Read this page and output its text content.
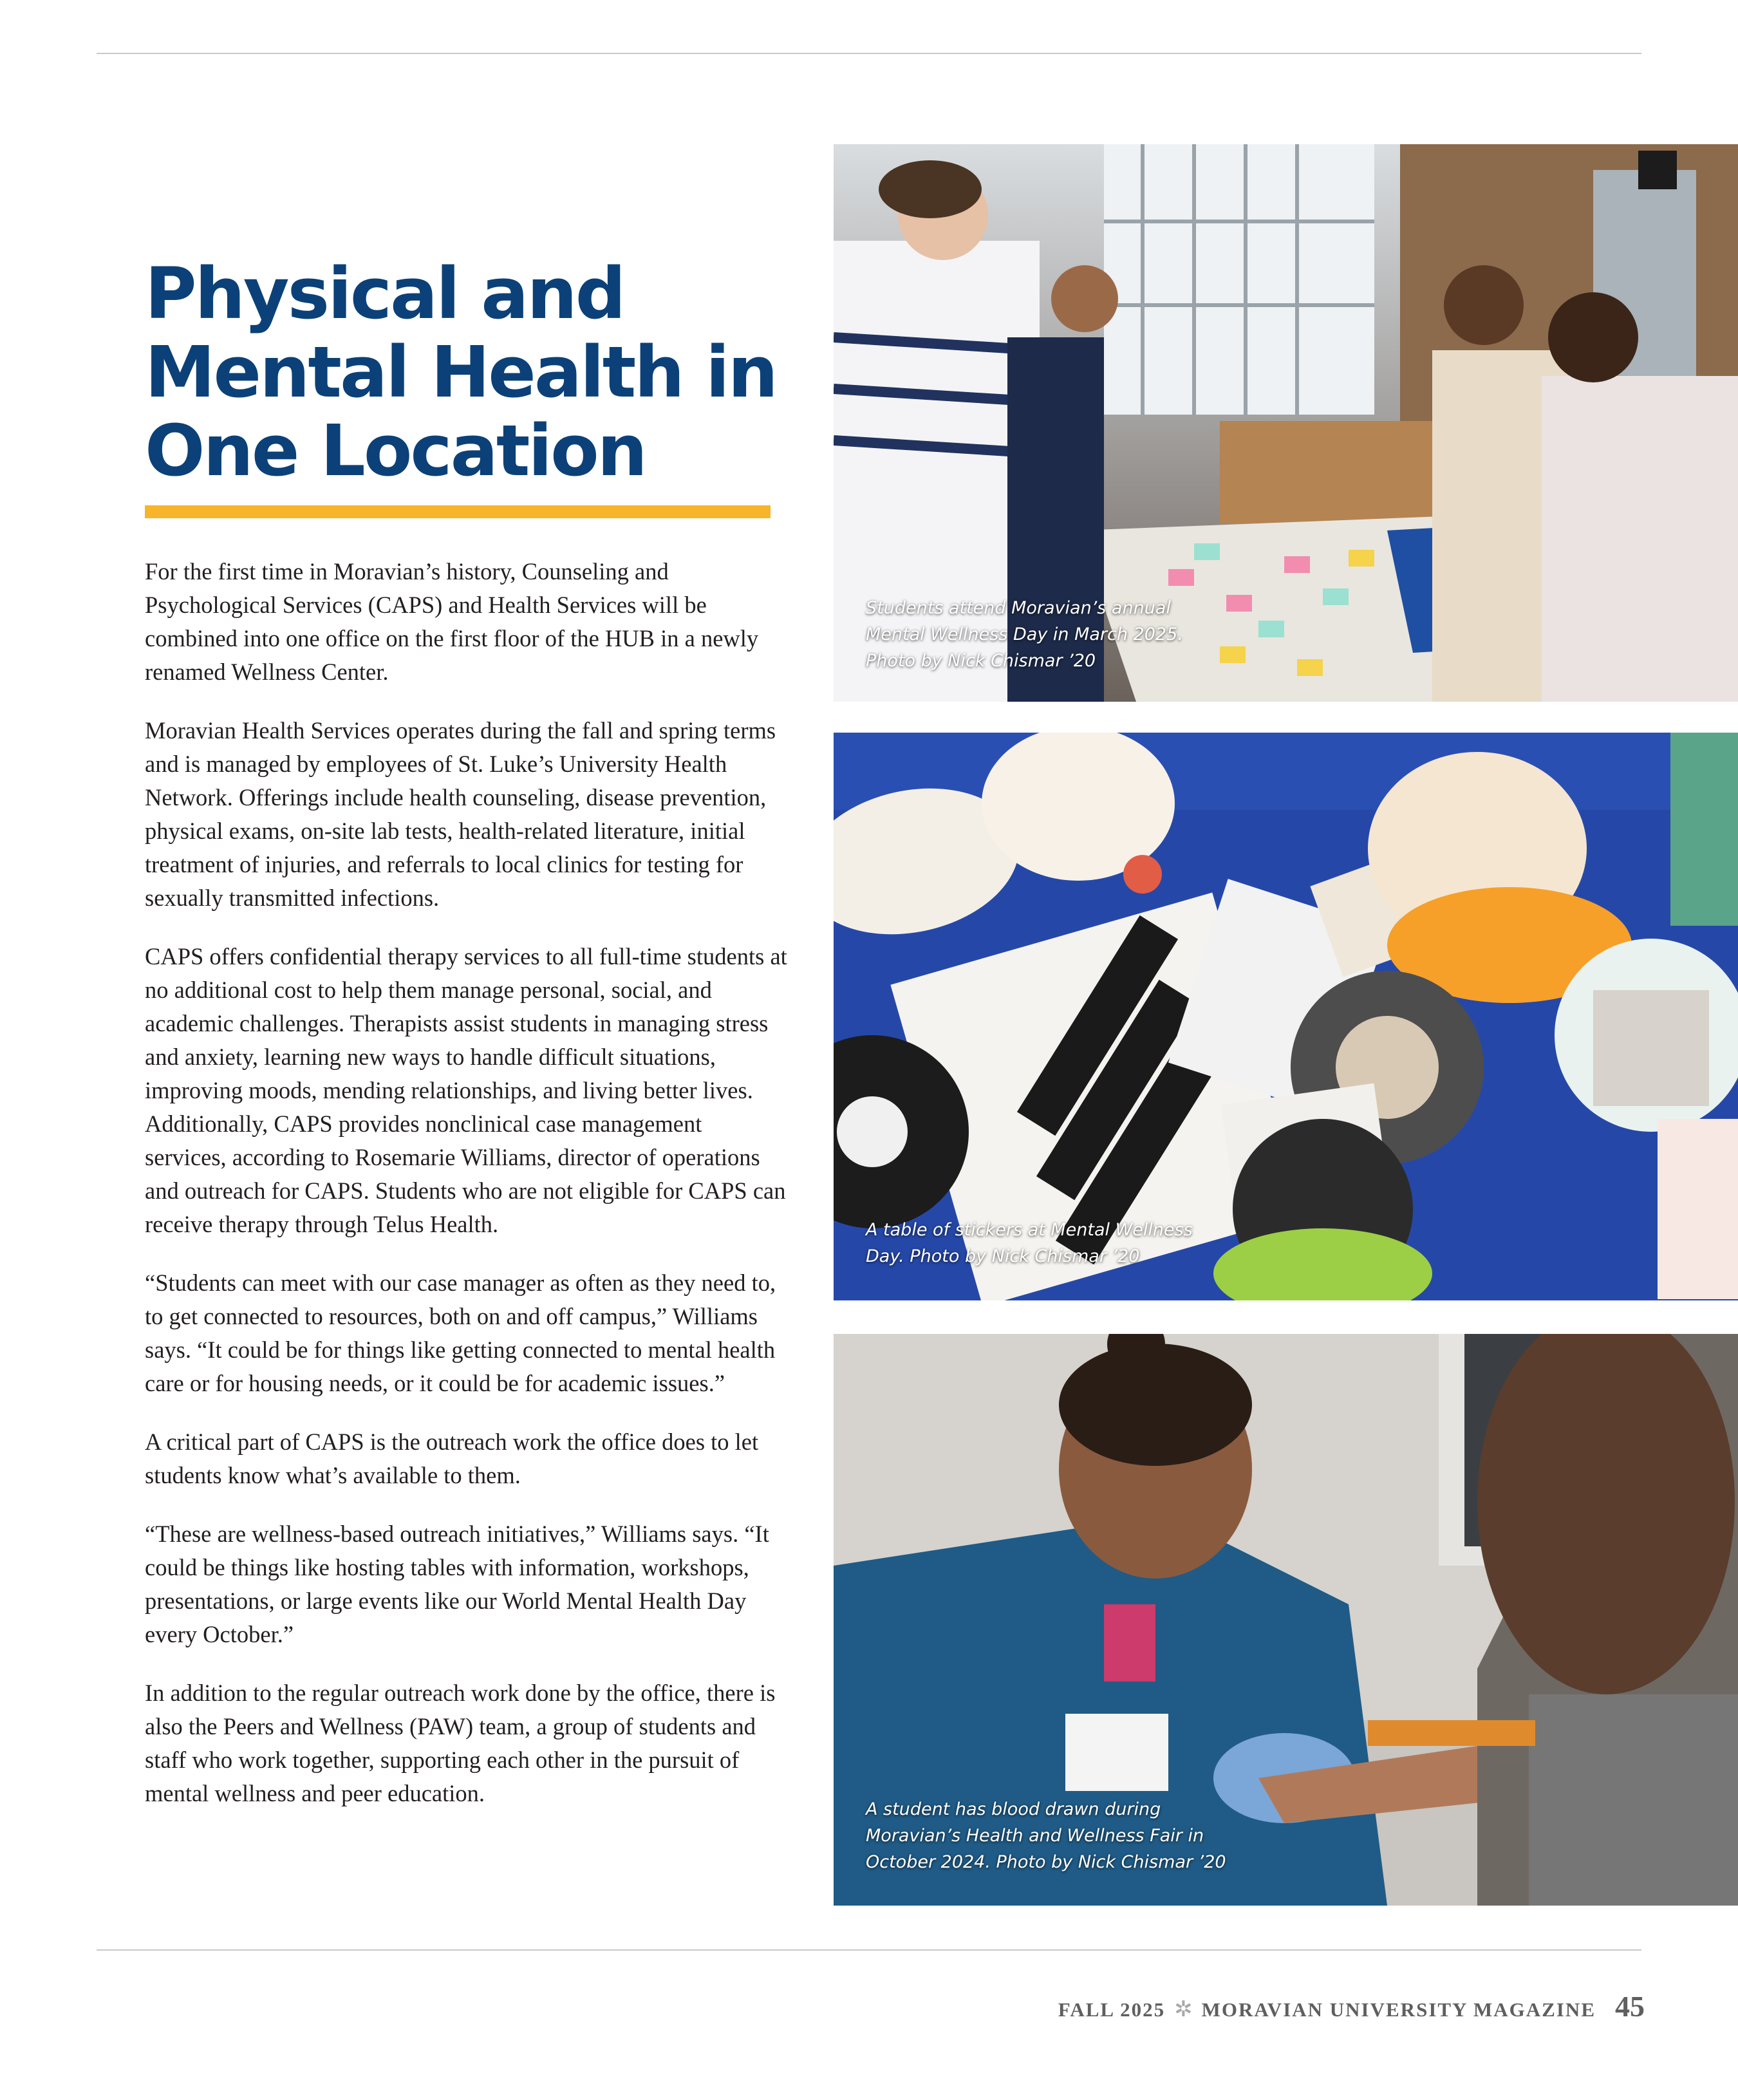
Physical and
Mental Health in
One Location

For the first time in Moravian’s history, Counseling and Psychological Services (CAPS) and Health Services will be combined into one office on the first floor of the HUB in a newly renamed Wellness Center.

Moravian Health Services operates during the fall and spring terms and is managed by employees of St. Luke’s University Health Network. Offerings include health counseling, disease prevention, physical exams, on-site lab tests, health-related literature, initial treatment of injuries, and referrals to local clinics for testing for sexually transmitted infections.

CAPS offers confidential therapy services to all full-time students at no additional cost to help them manage personal, social, and academic challenges. Therapists assist students in managing stress and anxiety, learning new ways to handle difficult situations, improving moods, mending relationships, and living better lives. Additionally, CAPS provides nonclinical case management services, according to Rosemarie Williams, director of operations and outreach for CAPS. Students who are not eligible for CAPS can receive therapy through Telus Health.

“Students can meet with our case manager as often as they need to, to get connected to resources, both on and off campus,” Williams says. “It could be for things like getting connected to mental health care or for housing needs, or it could be for academic issues.”

A critical part of CAPS is the outreach work the office does to let students know what’s available to them.

“These are wellness-based outreach initiatives,” Williams says. “It could be things like hosting tables with information, workshops, presentations, or large events like our World Mental Health Day every October.”

In addition to the regular outreach work done by the office, there is also the Peers and Wellness (PAW) team, a group of students and staff who work together, supporting each other in the pursuit of mental wellness and peer education.

Students attend Moravian’s annual Mental Wellness Day in March 2025. Photo by Nick Chismar ’20

A table of stickers at Mental Wellness Day. Photo by Nick Chismar ’20

A student has blood drawn during Moravian’s Health and Wellness Fair in October 2024. Photo by Nick Chismar ’20

FALL 2025 ✲ MORAVIAN UNIVERSITY MAGAZINE 45
